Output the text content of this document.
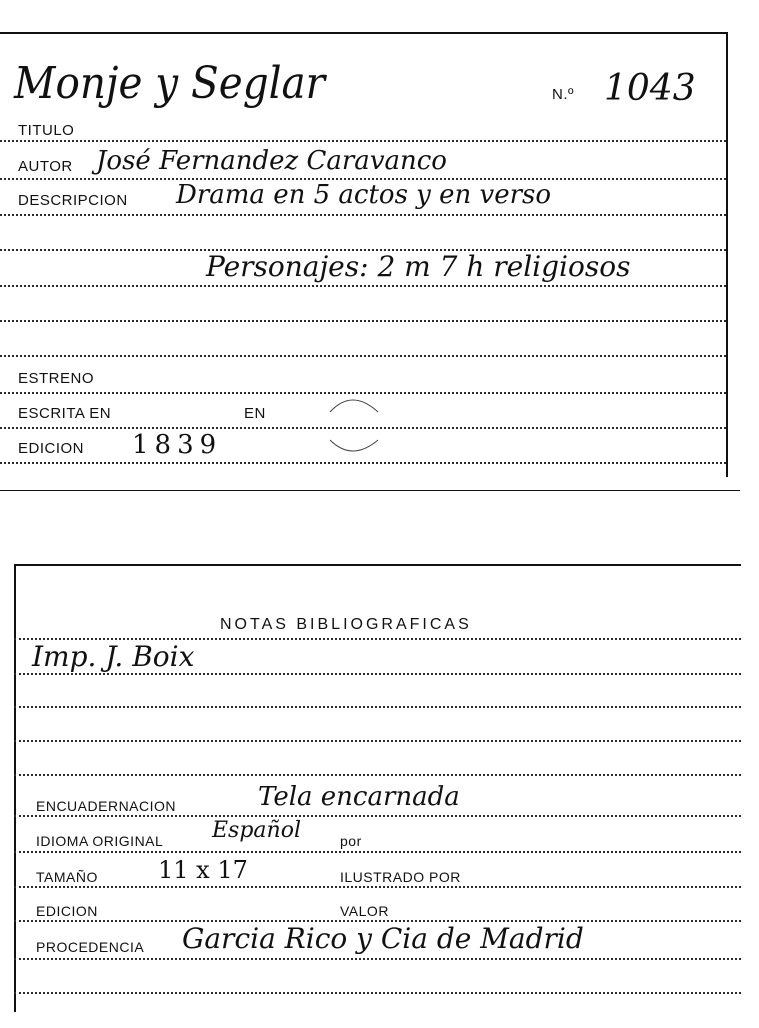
Monje y Seglar	N.º 1043
TITULO
AUTOR José Fernandez Caravanco
DESCRIPCION Drama en 5 actos y en verso
Personajes: 2 m 7 h religiosos
ESTRENO
ESCRITA EN	EN
EDICION 1839
NOTAS BIBLIOGRAFICAS
Imp. J. Boix
ENCUADERNACION	Tela encarnada
IDIOMA ORIGINAL Español	por
TAMAÑO	11 x 17	ILUSTRADO POR
EDICION	VALOR
PROCEDENCIA Garcia Rico y Cia de Madrid
